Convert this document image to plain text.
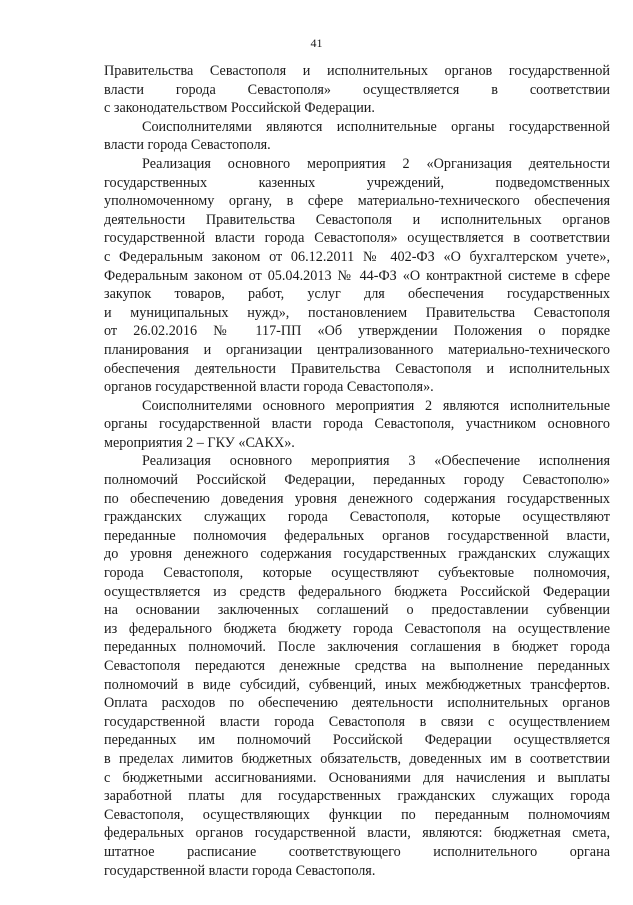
41
Правительства Севастополя и исполнительных органов государственной
власти города Севастополя» осуществляется в соответствии
с законодательством Российской Федерации.
Соисполнителями являются исполнительные органы государственной
власти города Севастополя.
Реализация основного мероприятия 2 «Организация деятельности
государственных казенных учреждений, подведомственных
уполномоченному органу, в сфере материально-технического обеспечения
деятельности Правительства Севастополя и исполнительных органов
государственной власти города Севастополя» осуществляется в соответствии
с Федеральным законом от 06.12.2011 № 402-ФЗ «О бухгалтерском учете»,
Федеральным законом от 05.04.2013 № 44-ФЗ «О контрактной системе в сфере
закупок товаров, работ, услуг для обеспечения государственных
и муниципальных нужд», постановлением Правительства Севастополя
от 26.02.2016 № 117-ПП «Об утверждении Положения о порядке
планирования и организации централизованного материально-технического
обеспечения деятельности Правительства Севастополя и исполнительных
органов государственной власти города Севастополя».
Соисполнителями основного мероприятия 2 являются исполнительные
органы государственной власти города Севастополя, участником основного
мероприятия 2 – ГКУ «САКХ».
Реализация основного мероприятия 3 «Обеспечение исполнения
полномочий Российской Федерации, переданных городу Севастополю»
по обеспечению доведения уровня денежного содержания государственных
гражданских служащих города Севастополя, которые осуществляют
переданные полномочия федеральных органов государственной власти,
до уровня денежного содержания государственных гражданских служащих
города Севастополя, которые осуществляют субъектовые полномочия,
осуществляется из средств федерального бюджета Российской Федерации
на основании заключенных соглашений о предоставлении субвенции
из федерального бюджета бюджету города Севастополя на осуществление
переданных полномочий. После заключения соглашения в бюджет города
Севастополя передаются денежные средства на выполнение переданных
полномочий в виде субсидий, субвенций, иных межбюджетных трансфертов.
Оплата расходов по обеспечению деятельности исполнительных органов
государственной власти города Севастополя в связи с осуществлением
переданных им полномочий Российской Федерации осуществляется
в пределах лимитов бюджетных обязательств, доведенных им в соответствии
с бюджетными ассигнованиями. Основаниями для начисления и выплаты
заработной платы для государственных гражданских служащих города
Севастополя, осуществляющих функции по переданным полномочиям
федеральных органов государственной власти, являются: бюджетная смета,
штатное расписание соответствующего исполнительного органа
государственной власти города Севастополя.
